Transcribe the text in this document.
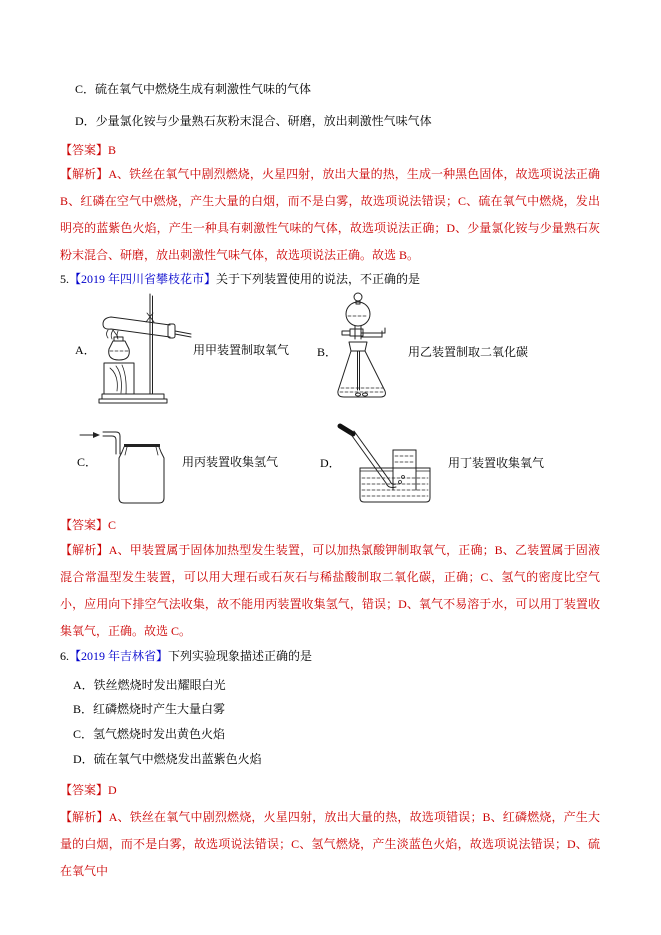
C．硫在氧气中燃烧生成有刺激性气味的气体
D．少量氯化铵与少量熟石灰粉末混合、研磨，放出刺激性气味气体
【答案】B
【解析】A、铁丝在氧气中剧烈燃烧，火星四射，放出大量的热，生成一种黑色固体，故选项说法正确 B、红磷在空气中燃烧，产生大量的白烟，而不是白雾，故选项说法错误；C、硫在氧气中燃烧，发出明亮的蓝紫色火焰，产生一种具有刺激性气味的气体，故选项说法正确；D、少量氯化铵与少量熟石灰粉末混合、研磨，放出刺激性气味气体，故选项说法正确。故选 B。
5.【2019 年四川省攀枝花市】关于下列装置使用的说法，不正确的是
A．	用甲装置制取氧气 B．	用乙装置制取二氧化碳
C．	用丙装置收集氢气	D．	用丁装置收集氧气
【答案】C
【解析】A、甲装置属于固体加热型发生装置，可以加热氯酸钾制取氧气，正确；B、乙装置属于固液混合常温型发生装置，可以用大理石或石灰石与稀盐酸制取二氧化碳，正确；C、氢气的密度比空气小，应用向下排空气法收集，故不能用丙装置收集氢气，错误；D、氧气不易溶于水，可以用丁装置收集氧气，正确。故选 C。
6.【2019 年吉林省】下列实验现象描述正确的是
A．铁丝燃烧时发出耀眼白光
B．红磷燃烧时产生大量白雾
C．氢气燃烧时发出黄色火焰
D．硫在氧气中燃烧发出蓝紫色火焰
【答案】D
【解析】A、铁丝在氧气中剧烈燃烧，火星四射，放出大量的热，故选项错误；B、红磷燃烧，产生大量的白烟，而不是白雾，故选项说法错误；C、氢气燃烧，产生淡蓝色火焰，故选项说法错误；D、硫在氧气中
